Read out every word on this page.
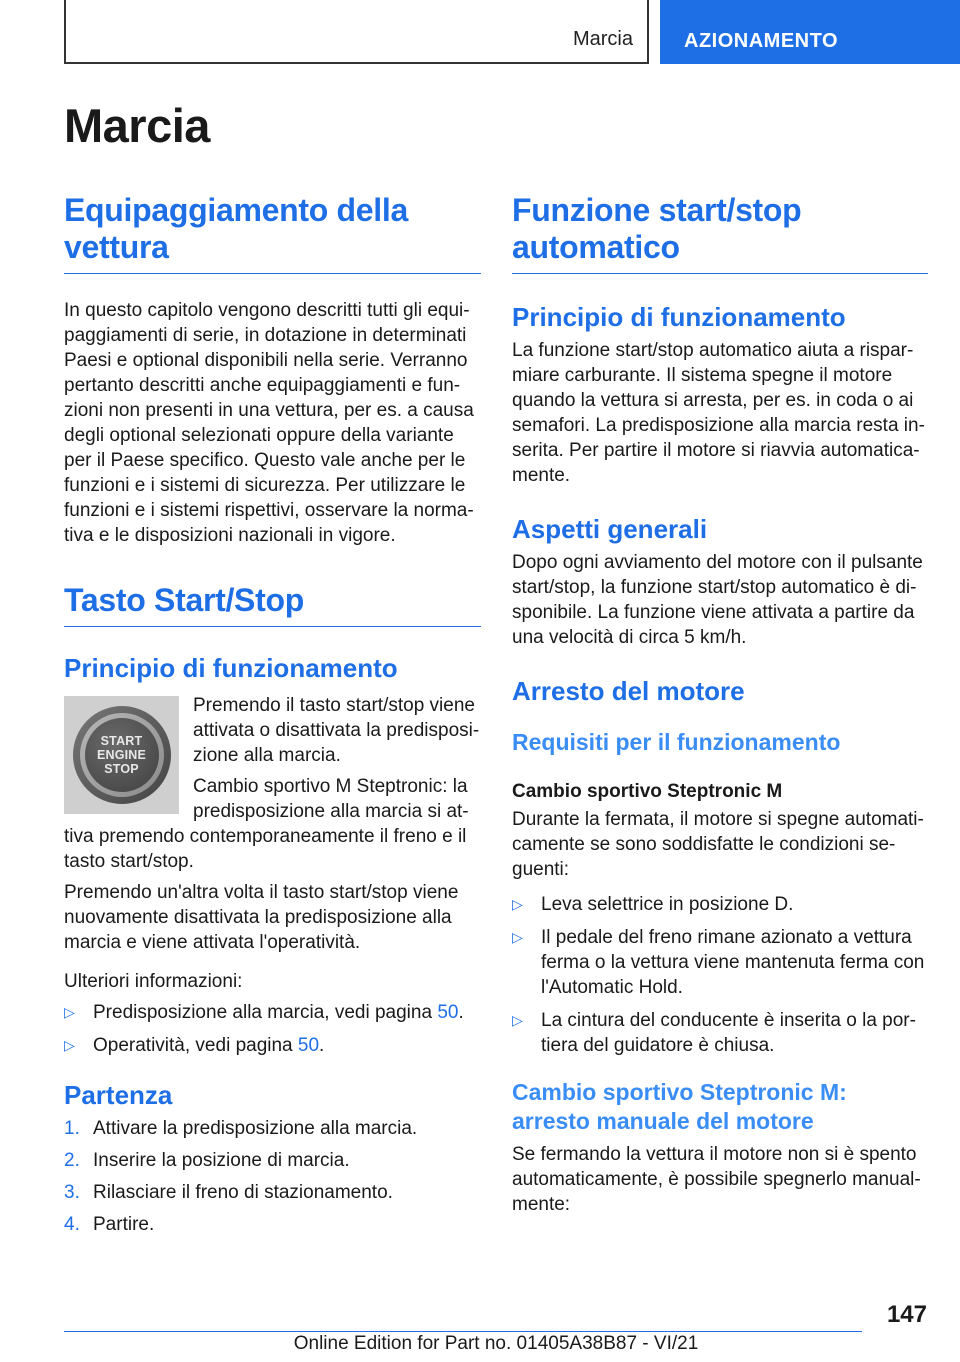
Marcia	AZIONAMENTO
Marcia
Equipaggiamento della vettura

In questo capitolo vengono descritti tutti gli equi-paggiamenti di serie, in dotazione in determinati Paesi e optional disponibili nella serie. Verranno pertanto descritti anche equipaggiamenti e fun-zioni non presenti in una vettura, per es. a causa degli optional selezionati oppure della variante per il Paese specifico. Questo vale anche per le funzioni e i sistemi di sicurezza. Per utilizzare le funzioni e i sistemi rispettivi, osservare la norma-tiva e le disposizioni nazionali in vigore.

Tasto Start/Stop
Principio di funzionamento
START
ENGINE
STOP

Premendo il tasto start/stop viene attivata o disattivata la predisposi-zione alla marcia.

Cambio sportivo M Steptronic: la predisposizione alla marcia si at-tiva premendo contemporaneamente il freno e il tasto start/stop.

Premendo un'altra volta il tasto start/stop viene nuovamente disattivata la predisposizione alla marcia e viene attivata l'operatività.

Ulteriori informazioni:

▷ Predisposizione alla marcia, vedi pagina 50.
▷ Operatività, vedi pagina 50.
Partenza
1. Attivare la predisposizione alla marcia.
2. Inserire la posizione di marcia.
3. Rilasciare il freno di stazionamento.
4. Partire.
Funzione start/stop automatico
Principio di funzionamento

La funzione start/stop automatico aiuta a rispar-miare carburante. Il sistema spegne il motore quando la vettura si arresta, per es. in coda o ai semafori. La predisposizione alla marcia resta in-serita. Per partire il motore si riavvia automatica-mente.

Aspetti generali

Dopo ogni avviamento del motore con il pulsante start/stop, la funzione start/stop automatico è di-sponibile. La funzione viene attivata a partire da una velocità di circa 5 km/h.

Arresto del motore
Requisiti per il funzionamento
Cambio sportivo Steptronic M

Durante la fermata, il motore si spegne automati-camente se sono soddisfatte le condizioni se-guenti:

▷ Leva selettrice in posizione D.
▷ Il pedale del freno rimane azionato a vettura ferma o la vettura viene mantenuta ferma con l'Automatic Hold.
▷ La cintura del conducente è inserita o la por-tiera del guidatore è chiusa.
Cambio sportivo Steptronic M: arresto manuale del motore

Se fermando la vettura il motore non si è spento automaticamente, è possibile spegnerlo manual-mente:

147
Online Edition for Part no. 01405A38B87 - VI/21
